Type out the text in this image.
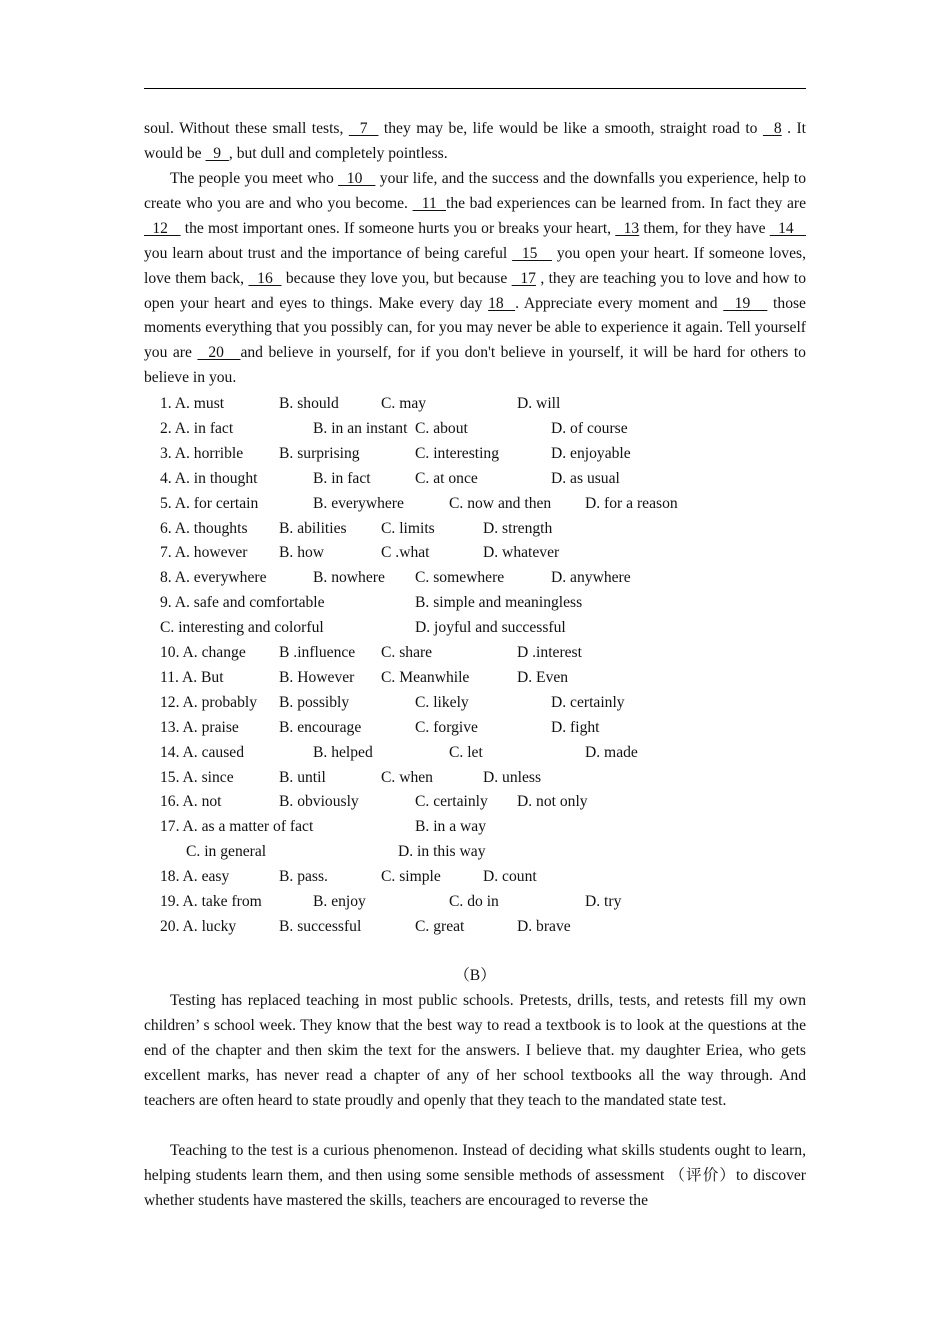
soul. Without these small tests,   7   they may be, life would be like a smooth, straight road to   8 . It would be   9  , but dull and completely pointless.

The people you meet who   10    your life, and the success and the downfalls you experience, help to create who you are and who you become.   11  the bad experiences can be learned from. In fact they are   12    the most important ones. If someone hurts you or breaks your heart,   13 them, for they have   14    you learn about trust and the importance of being careful   15    you open your heart. If someone loves, love them back,   16   because they love you, but because   17 , they are teaching you to love and how to open your heart and eyes to things. Make every day 18  . Appreciate every moment and   19    those moments everything that you possibly can, for you may never be able to experience it again. Tell yourself you are   20   and believe in yourself, for if you don't believe in yourself, it will be hard for others to believe in you.

1. A. must	B. should	C. may	D. will
2. A. in fact	B. in an instant C. about	D. of course
3. A. horrible B. surprising	C. interesting	D. enjoyable
4. A. in thought	B. in fact	C. at once	D. as usual
5. A. for certain	B. everywhere	C. now and then D. for a reason
6. A. thoughts B. abilities C. limits	D. strength
7. A. however B. how	C .what	D. whatever
8. A. everywhere	B. nowhere C. somewhere	D. anywhere
9. A. safe and comfortable	B. simple and meaningless
C. interesting and colorful	D. joyful and successful
10. A. change B .influence C. share	D .interest
11. A. But	B. However C. Meanwhile	D. Even
12. A. probably B. possibly	C. likely	D. certainly
13. A. praise	B. encourage	C. forgive	D. fight
14. A. caused	B. helped	C. let	D. made
15. A. since	B. until	C. when	D. unless
16. A. not	B. obviously	C. certainly D. not only
17. A. as a matter of fact	B. in a way
C. in general	D. in this way
18. A. easy	B. pass.	C. simple	D. count
19. A. take from	B. enjoy	C. do in	D. try
20. A. lucky	B. successful	C. great	D. brave
（B）

Testing has replaced teaching in most public schools. Pretests, drills, tests, and retests fill my own children’ s school week. They know that the best way to read a textbook is to look at the questions at the end of the chapter and then skim the text for the answers. I believe that. my daughter Eriea, who gets excellent marks, has never read a chapter of any of her school textbooks all the way through. And teachers are often heard to state proudly and openly that they teach to the mandated state test.

Teaching to the test is a curious phenomenon. Instead of deciding what skills students ought to learn, helping students learn them, and then using some sensible methods of assessment （评价）to discover whether students have mastered the skills, teachers are encouraged to reverse the
